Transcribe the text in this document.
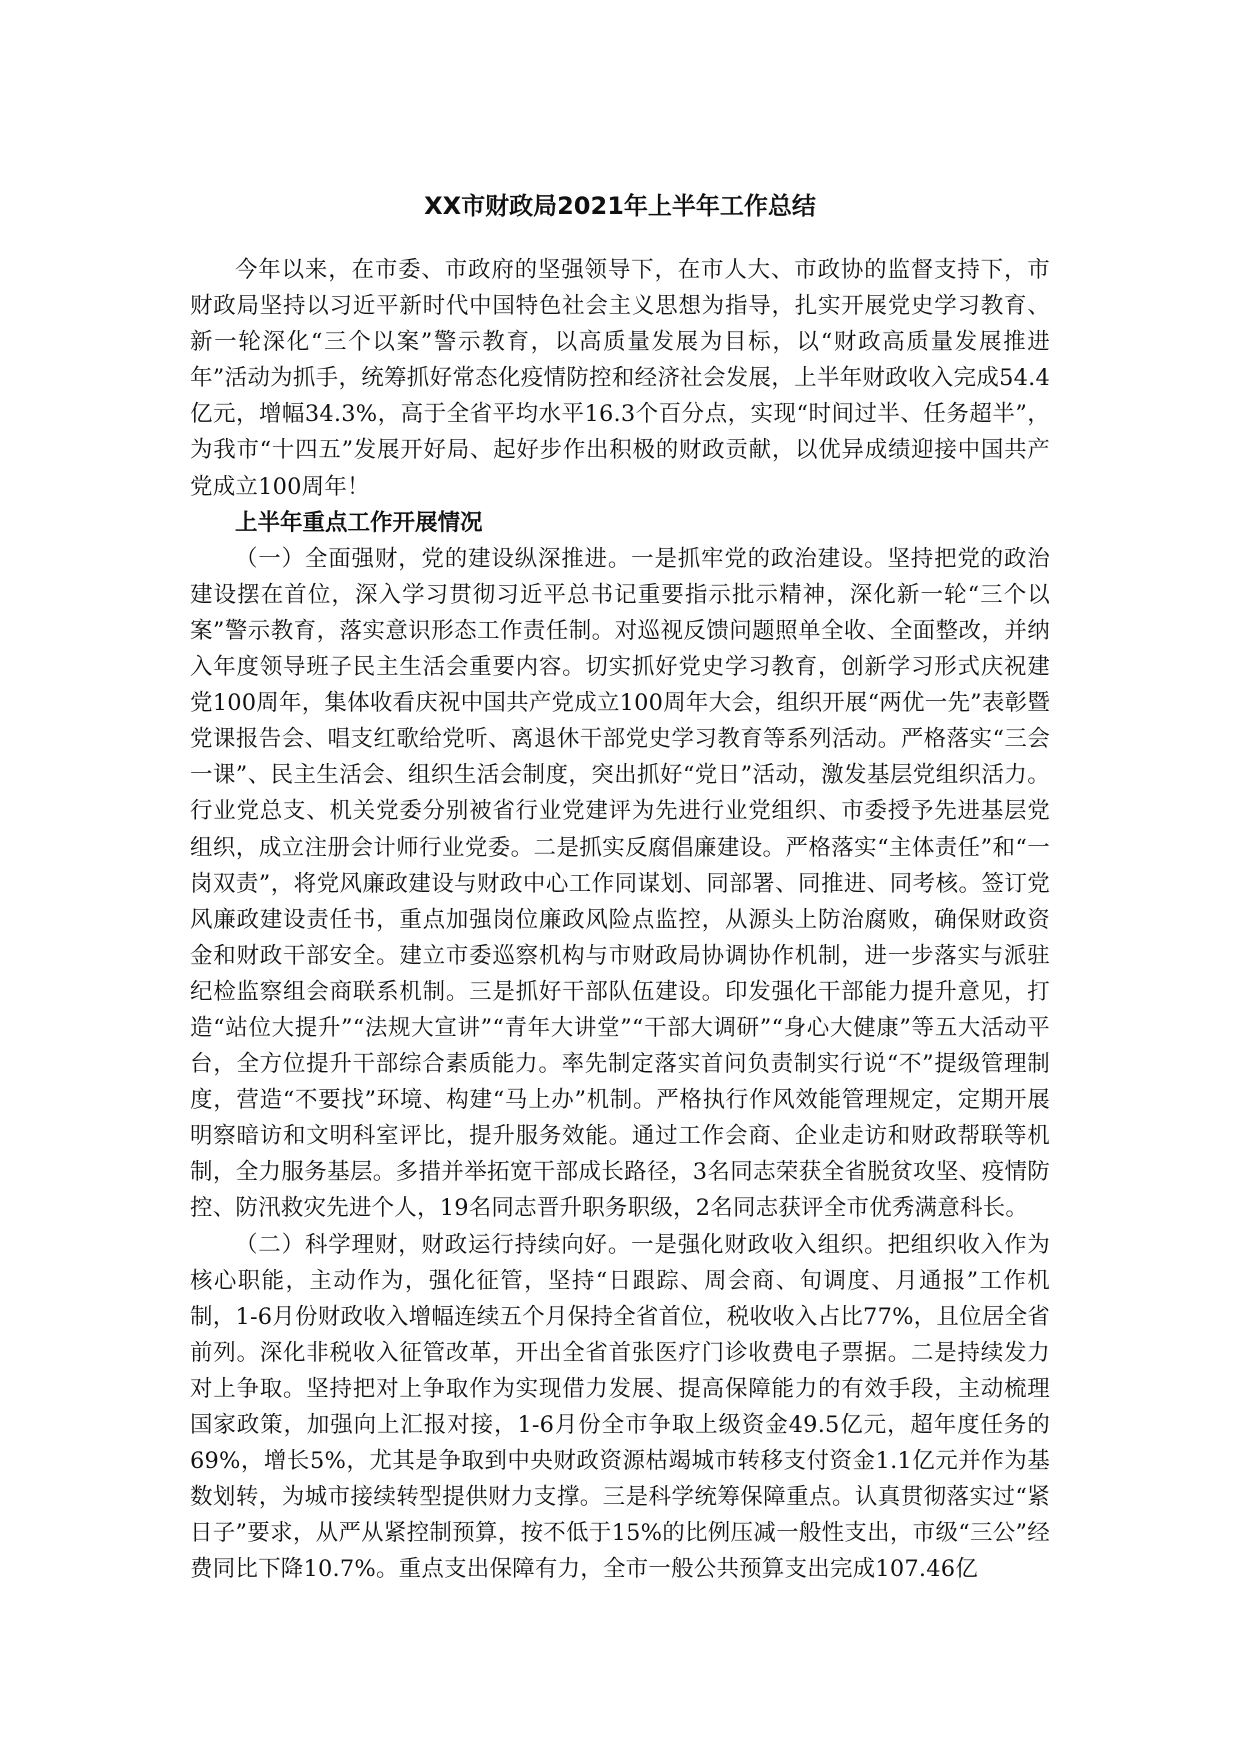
XX市财政局2021年上半年工作总结

今年以来，在市委、市政府的坚强领导下，在市人大、市政协的监督支持下，市财政局坚持以习近平新时代中国特色社会主义思想为指导，扎实开展党史学习教育、新一轮深化“三个以案”警示教育，以高质量发展为目标，以“财政高质量发展推进年”活动为抓手，统筹抓好常态化疫情防控和经济社会发展，上半年财政收入完成54.4亿元，增幅34.3%，高于全省平均水平16.3个百分点，实现“时间过半、任务超半”，为我市“十四五”发展开好局、起好步作出积极的财政贡献，以优异成绩迎接中国共产党成立100周年！

上半年重点工作开展情况

（一）全面强财，党的建设纵深推进。一是抓牢党的政治建设。坚持把党的政治建设摆在首位，深入学习贯彻习近平总书记重要指示批示精神，深化新一轮“三个以案”警示教育，落实意识形态工作责任制。对巡视反馈问题照单全收、全面整改，并纳入年度领导班子民主生活会重要内容。切实抓好党史学习教育，创新学习形式庆祝建党100周年，集体收看庆祝中国共产党成立100周年大会，组织开展“两优一先”表彰暨党课报告会、唱支红歌给党听、离退休干部党史学习教育等系列活动。严格落实“三会一课”、民主生活会、组织生活会制度，突出抓好“党日”活动，激发基层党组织活力。行业党总支、机关党委分别被省行业党建评为先进行业党组织、市委授予先进基层党组织，成立注册会计师行业党委。二是抓实反腐倡廉建设。严格落实“主体责任”和“一岗双责”，将党风廉政建设与财政中心工作同谋划、同部署、同推进、同考核。签订党风廉政建设责任书，重点加强岗位廉政风险点监控，从源头上防治腐败，确保财政资金和财政干部安全。建立市委巡察机构与市财政局协调协作机制，进一步落实与派驻纪检监察组会商联系机制。三是抓好干部队伍建设。印发强化干部能力提升意见，打造“站位大提升”“法规大宣讲”“青年大讲堂”“干部大调研”“身心大健康”等五大活动平台，全方位提升干部综合素质能力。率先制定落实首问负责制实行说“不”提级管理制度，营造“不要找”环境、构建“马上办”机制。严格执行作风效能管理规定，定期开展明察暗访和文明科室评比，提升服务效能。通过工作会商、企业走访和财政帮联等机制，全力服务基层。多措并举拓宽干部成长路径，3名同志荣获全省脱贫攻坚、疫情防控、防汛救灾先进个人，19名同志晋升职务职级，2名同志获评全市优秀满意科长。

（二）科学理财，财政运行持续向好。一是强化财政收入组织。把组织收入作为核心职能，主动作为，强化征管，坚持“日跟踪、周会商、旬调度、月通报”工作机制，1-6月份财政收入增幅连续五个月保持全省首位，税收收入占比77%，且位居全省前列。深化非税收入征管改革，开出全省首张医疗门诊收费电子票据。二是持续发力对上争取。坚持把对上争取作为实现借力发展、提高保障能力的有效手段，主动梳理国家政策，加强向上汇报对接，1-6月份全市争取上级资金49.5亿元，超年度任务的69%，增长5%，尤其是争取到中央财政资源枯竭城市转移支付资金1.1亿元并作为基数划转，为城市接续转型提供财力支撑。三是科学统筹保障重点。认真贯彻落实过“紧日子”要求，从严从紧控制预算，按不低于15%的比例压减一般性支出，市级“三公”经费同比下降10.7%。重点支出保障有力，全市一般公共预算支出完成107.46亿
